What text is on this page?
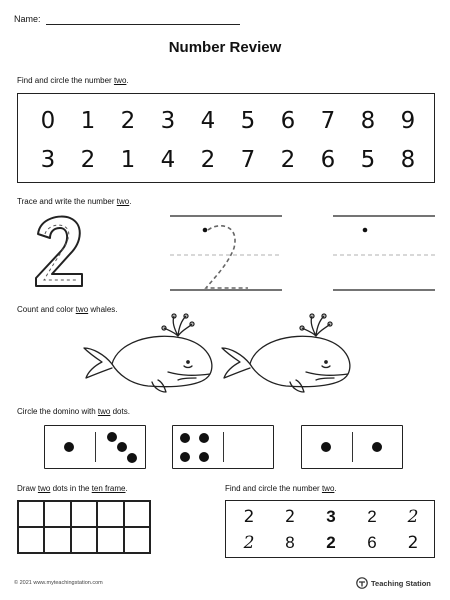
Name:
Number Review
Find and circle the number two.
0	1	2	3	4	5	6	7	8	9
3	2	1	4	2	7	2	6	5	8
Trace and write the number two.
Count and color two whales.
Circle the domino with two dots.
Draw two dots in the ten frame.	Find and circle the number two.
2	2	3	2	2
2	8	2	6	2
© 2021 www.myteachingstation.com	Teaching Station
